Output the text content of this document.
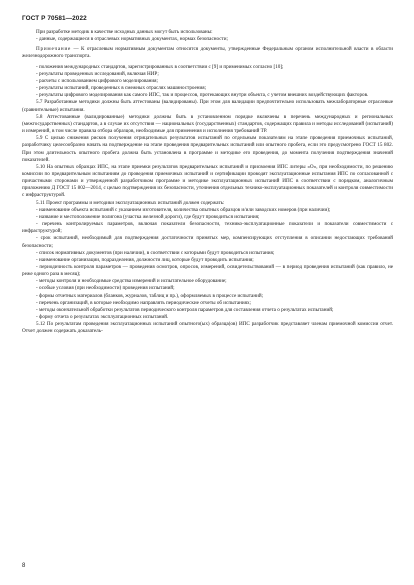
ГОСТ Р 70581—2022

При разработке методик в качестве исходных данных могут быть использованы:

- данные, содержащиеся в отраслевых нормативных документах, нормах безопасности;

Примечание — К отраслевым нормативным документам относятся документы, утвержденные Федеральным органом исполнительной власти в области железнодорожного транспорта.

- положения международных стандартов, зарегистрированных в соответствии с [9] и применимых согласно [10];

- результаты проведенных исследований, включая НИР;

- расчеты с использованием цифрового моделирования;

- результаты испытаний, проведенных в смежных отраслях машиностроения;

- результаты цифрового моделирования как самого ИПС, так и процессов, протекающих внутри объекта, с учетом внешних воздействующих факторов.

5.7 Разработанные методики должны быть аттестованы (валидированы). При этом для валидации предпочтительно использовать межлабораторные отраслевые (сравнительные) испытания.

5.8 Аттестованные (валидированные) методики должны быть в установленном порядке включены в перечень международных и региональных (межгосударственных) стандартов, а в случае их отсутствия — национальных (государственных) стандартов, содержащих правила и методы исследований (испытаний) и измерений, в том числе правила отбора образцов, необходимые для применения и исполнения требований ТР.

5.9 С целью снижения рисков получения отрицательных результатов испытаний по отдельным показателям на этапе проведения приемочных испытаний, разработчику целесообразно начать на подтверждение на этапе проведения предварительных испытаний или опытного пробега, если это предусмотрено ГОСТ 15 802. При этом длительность опытного пробега должна быть установлена в программе и методике его проведения, до момента получения подтверждения значений показателей.

5.10 На опытных образцах ИПС, на этапе приемки результатов предварительных испытаний и присвоения ИПС литеры «О», при необходимости, по решению комиссии по предварительным испытаниям до проведения приемочных испытаний и сертификации проводят эксплуатационные испытания ИПС по согласованной с причастными сторонами и утвержденной разработчиком программе и методике эксплуатационных испытаний ИПС в соответствии с порядком, аналогичным приложению Д ГОСТ 15 802—2014, с целью подтверждения их безопасности, уточнения отдельных технико-эксплуатационных показателей и контроля совместимости с инфраструктурой.

5.11 Проект программы и методики эксплуатационных испытаний должен содержать:

- наименование объекта испытаний с указанием изготовителя, количества опытных образцов и/или заводских номеров (при наличии);

- название и местоположение полигона (участка железной дороги), где будут проводиться испытания;

- перечень контролируемых параметров, включая показатели безопасности, технико-эксплуатационные показатели и показатели совместимости с инфраструктурой;

- срок испытаний, необходимый для подтверждения достаточности принятых мер, компенсирующих отступления в описании недостающих требований безопасности;

- список нормативных документов (при наличии), в соответствии с которыми будут проводиться испытания;

- наименование организации, подразделения, должности лиц, которые будут проводить испытания;

- периодичность контроля параметров — проведения осмотров, опросов, измерений, освидетельствований — в период проведения испытаний (как правило, не реже одного раза в месяц);

- методы контроля и необходимые средства измерений и испытательное оборудование;

- особые условия (при необходимости) проведения испытаний;

- формы отчетных материалов (бланков, журналов, таблиц и пр.), оформляемых в процессе испытаний;

- перечень организаций, в которые необходимо направлять периодические отчеты об испытаниях;

- методы окончательной обработки результатов периодического контроля параметров для составления отчета о результатах испытаний;

- форму отчета о результатах эксплуатационных испытаний.

5.12 По результатам проведения эксплуатационных испытаний опытного(ых) образца(ов) ИПС разработчик представляет членам приемочной комиссии отчет. Отчет должен содержать доказатель-

8
